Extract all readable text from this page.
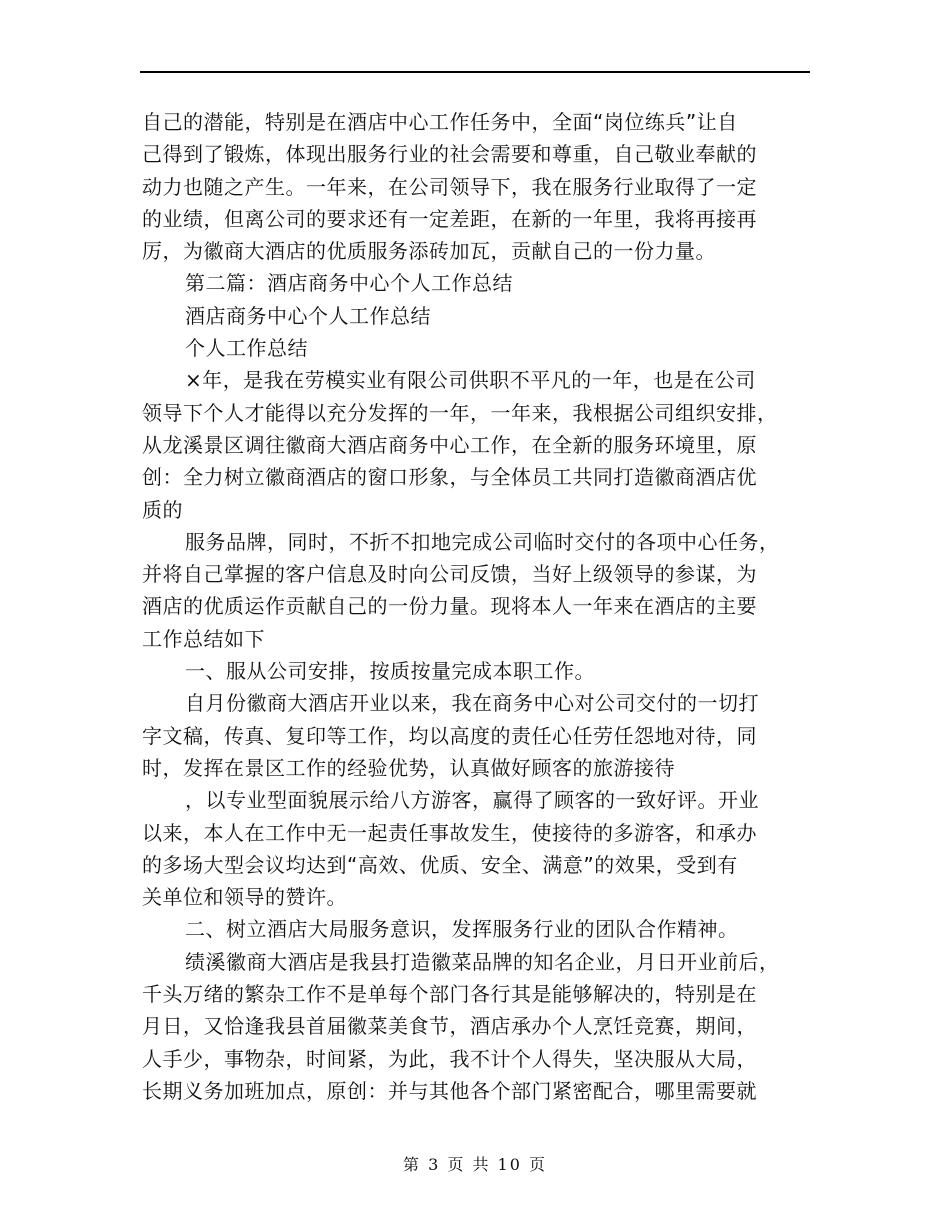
自己的潜能，特别是在酒店中心工作任务中，全面“岗位练兵”让自
己得到了锻炼，体现出服务行业的社会需要和尊重，自己敬业奉献的
动力也随之产生。一年来，在公司领导下，我在服务行业取得了一定
的业绩，但离公司的要求还有一定差距，在新的一年里，我将再接再
厉，为徽商大酒店的优质服务添砖加瓦，贡献自己的一份力量。
第二篇：酒店商务中心个人工作总结
酒店商务中心个人工作总结
个人工作总结
×年，是我在劳模实业有限公司供职不平凡的一年，也是在公司
领导下个人才能得以充分发挥的一年，一年来，我根据公司组织安排，
从龙溪景区调往徽商大酒店商务中心工作，在全新的服务环境里，原
创：全力树立徽商酒店的窗口形象，与全体员工共同打造徽商酒店优
质的
服务品牌，同时，不折不扣地完成公司临时交付的各项中心任务，
并将自己掌握的客户信息及时向公司反馈，当好上级领导的参谋，为
酒店的优质运作贡献自己的一份力量。现将本人一年来在酒店的主要
工作总结如下
一、服从公司安排，按质按量完成本职工作。
自月份徽商大酒店开业以来，我在商务中心对公司交付的一切打
字文稿，传真、复印等工作，均以高度的责任心任劳任怨地对待，同
时，发挥在景区工作的经验优势，认真做好顾客的旅游接待
，以专业型面貌展示给八方游客，赢得了顾客的一致好评。开业
以来，本人在工作中无一起责任事故发生，使接待的多游客，和承办
的多场大型会议均达到“高效、优质、安全、满意”的效果，受到有
关单位和领导的赞许。
二、树立酒店大局服务意识，发挥服务行业的团队合作精神。
绩溪徽商大酒店是我县打造徽菜品牌的知名企业，月日开业前后，
千头万绪的繁杂工作不是单每个部门各行其是能够解决的，特别是在
月日，又恰逢我县首届徽菜美食节，酒店承办个人烹饪竞赛，期间，
人手少，事物杂，时间紧，为此，我不计个人得失，坚决服从大局，
长期义务加班加点，原创：并与其他各个部门紧密配合，哪里需要就
第 3 页 共 10 页
